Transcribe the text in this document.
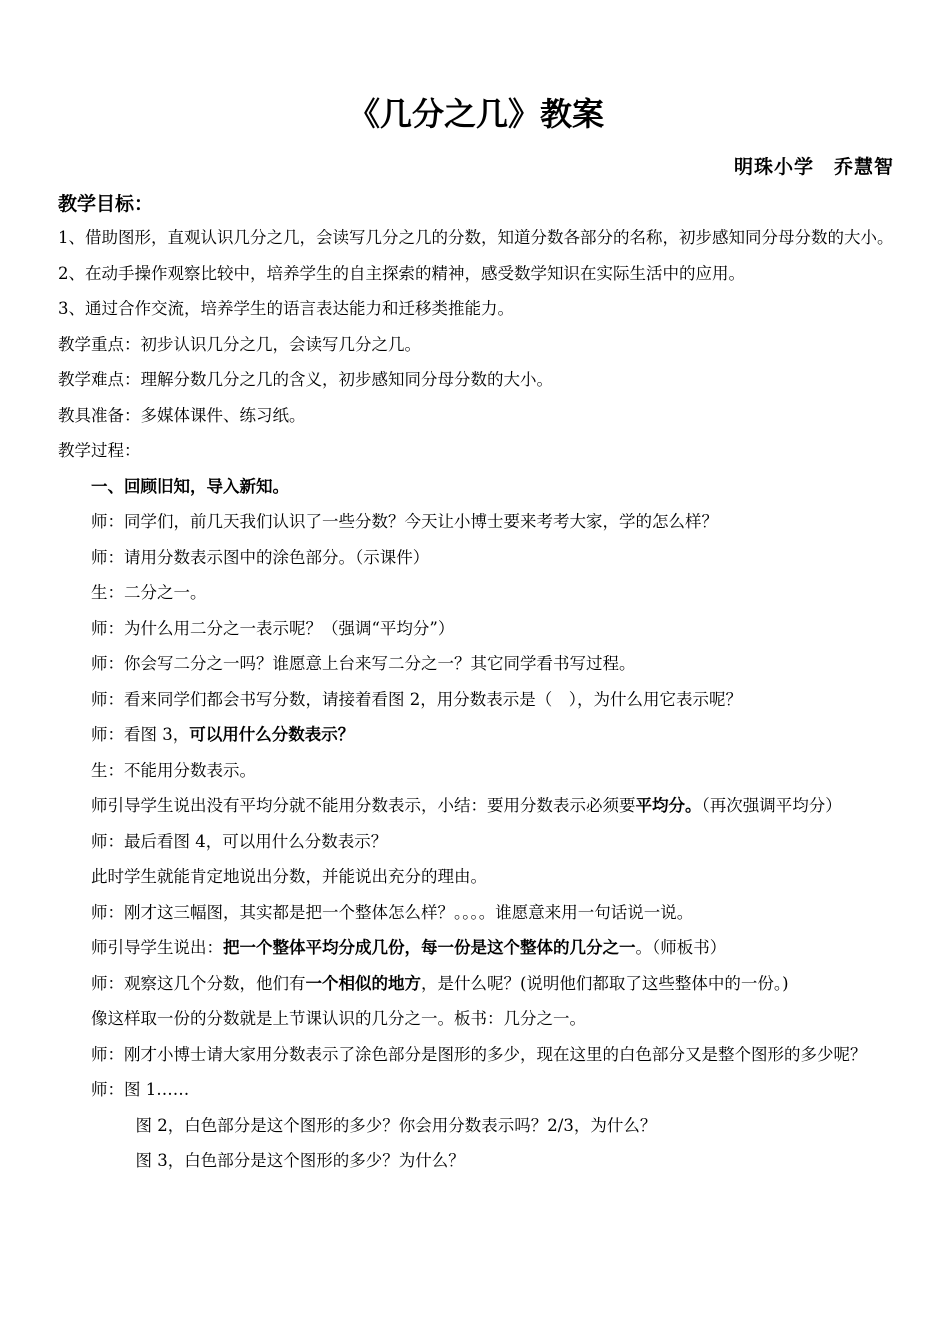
《几分之几》教案
明珠小学　乔慧智
教学目标：

1、借助图形，直观认识几分之几，会读写几分之几的分数，知道分数各部分的名称，初步感知同分母分数的大小。

2、在动手操作观察比较中，培养学生的自主探索的精神，感受数学知识在实际生活中的应用。

3、通过合作交流，培养学生的语言表达能力和迁移类推能力。

教学重点：初步认识几分之几，会读写几分之几。

教学难点：理解分数几分之几的含义，初步感知同分母分数的大小。

教具准备：多媒体课件、练习纸。

教学过程：

一、回顾旧知，导入新知。

师：同学们，前几天我们认识了一些分数？今天让小博士要来考考大家，学的怎么样？

师：请用分数表示图中的涂色部分。（示课件）

生：二分之一。

师：为什么用二分之一表示呢？（强调“平均分”）

师：你会写二分之一吗？谁愿意上台来写二分之一？其它同学看书写过程。

师：看来同学们都会书写分数，请接着看图 2，用分数表示是（　），为什么用它表示呢？

师：看图 3，可以用什么分数表示？

生：不能用分数表示。

师引导学生说出没有平均分就不能用分数表示，小结：要用分数表示必须要平均分。（再次强调平均分）

师：最后看图 4，可以用什么分数表示？

此时学生就能肯定地说出分数，并能说出充分的理由。

师：刚才这三幅图，其实都是把一个整体怎么样？。。。。谁愿意来用一句话说一说。

师引导学生说出：把一个整体平均分成几份，每一份是这个整体的几分之一。（师板书）

师：观察这几个分数，他们有一个相似的地方，是什么呢？(说明他们都取了这些整体中的一份。)

像这样取一份的分数就是上节课认识的几分之一。板书：几分之一。

师：刚才小博士请大家用分数表示了涂色部分是图形的多少，现在这里的白色部分又是整个图形的多少呢？

师：图 1……

图 2，白色部分是这个图形的多少？你会用分数表示吗？2/3，为什么？

图 3，白色部分是这个图形的多少？为什么？
